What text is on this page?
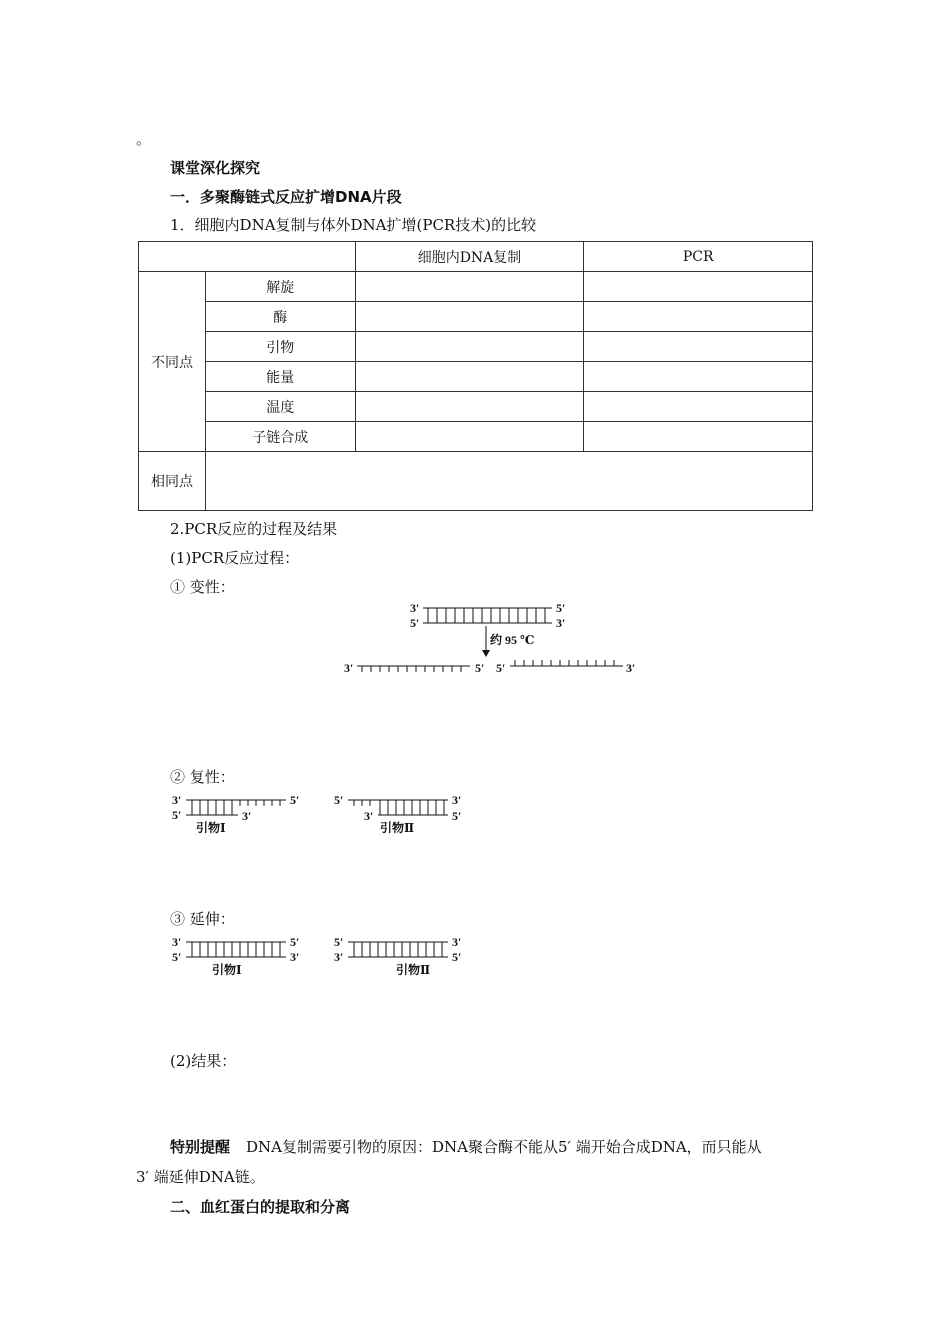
。
课堂深化探究
一．多聚酶链式反应扩增DNA片段
1．细胞内DNA复制与体外DNA扩增(PCR技术)的比较
		细胞内DNA复制	PCR
不同点	解旋		
	酶		
	引物		
	能量		
	温度		
	子链合成		
相同点			
2.PCR反应的过程及结果
(1)PCR反应过程：
① 变性：
3′
5′
5′
3′
约 95 ℃
3′	5′ 5′	3′
② 复性：
3′
5′
5′
3′
引物Ⅰ
5′	3′
3′	5′
引物Ⅱ
③ 延伸：
3′
5′
5′
3′
引物Ⅰ
5′	3′
3′	5′
引物Ⅱ
(2)结果：
特别提醒 DNA复制需要引物的原因：DNA聚合酶不能从5′ 端开始合成DNA，而只能从
3′ 端延伸DNA链。
二、血红蛋白的提取和分离
